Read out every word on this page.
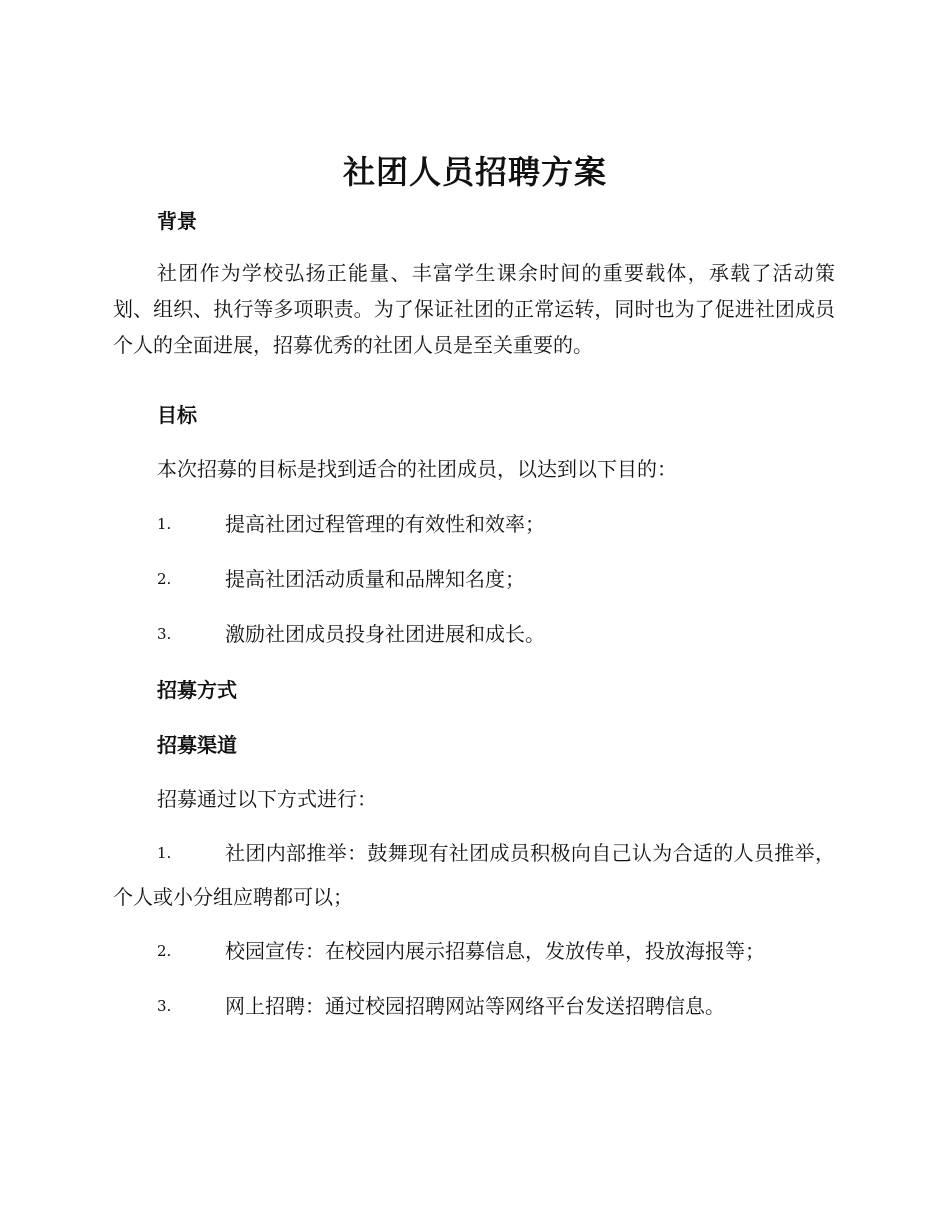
社团人员招聘方案
背景
社团作为学校弘扬正能量、丰富学生课余时间的重要载体，承载了活动策划、组织、执行等多项职责。为了保证社团的正常运转，同时也为了促进社团成员个人的全面进展，招募优秀的社团人员是至关重要的。
目标
本次招募的目标是找到适合的社团成员，以达到以下目的：
1.	提高社团过程管理的有效性和效率；
2.	提高社团活动质量和品牌知名度；
3.	激励社团成员投身社团进展和成长。
招募方式
招募渠道
招募通过以下方式进行：
1.	社团内部推举：鼓舞现有社团成员积极向自己认为合适的人员推举，个人或小分组应聘都可以；
2.	校园宣传：在校园内展示招募信息，发放传单，投放海报等；
3.	网上招聘：通过校园招聘网站等网络平台发送招聘信息。
